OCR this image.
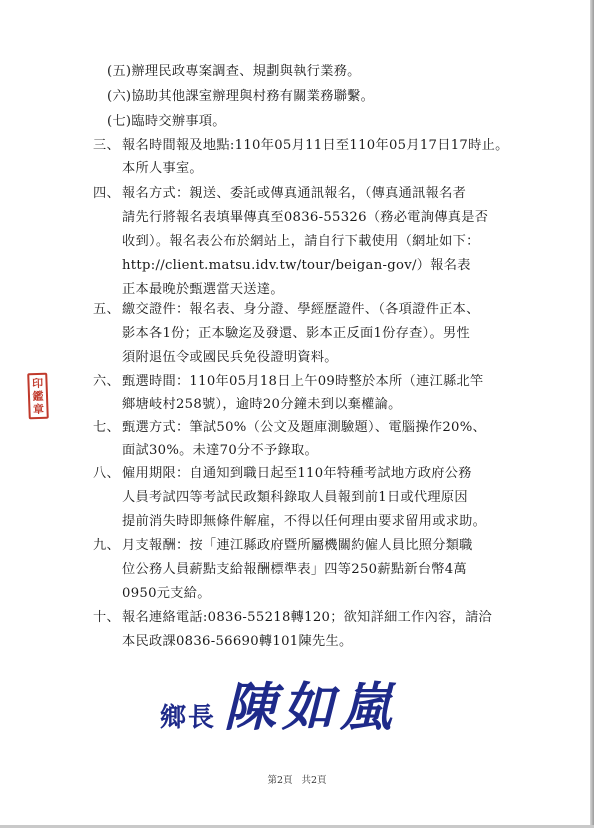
(五)辦理民政專案調查、規劃與執行業務。
(六)協助其他課室辦理與村務有關業務聯繫。
(七)臨時交辦事項。
三、 報名時間報及地點:110年05月11日至110年05月17日17時止。
本所人事室。
四、 報名方式：親送、委託或傳真通訊報名，（傳真通訊報名者
請先行將報名表填畢傳真至0836-55326（務必電詢傳真是否
收到）。報名表公布於網站上，請自行下載使用（網址如下：
http://client.matsu.idv.tw/tour/beigan-gov/）報名表
正本最晚於甄選當天送達。
五、 繳交證件：報名表、身分證、學經歷證件、（各項證件正本、
影本各1份；正本驗迄及發還、影本正反面1份存查）。男性
須附退伍令或國民兵免役證明資料。
六、 甄選時間：110年05月18日上午09時整於本所（連江縣北竿
鄉塘岐村258號），逾時20分鐘未到以棄權論。
七、 甄選方式：筆試50%（公文及題庫測驗題）、電腦操作20%、
面試30%。未達70分不予錄取。
八、 僱用期限：自通知到職日起至110年特種考試地方政府公務
人員考試四等考試民政類科錄取人員報到前1日或代理原因
提前消失時即無條件解雇，不得以任何理由要求留用或求助。
九、 月支報酬：按「連江縣政府暨所屬機關約僱人員比照分類職
位公務人員薪點支給報酬標準表」四等250薪點新台幣4萬
0950元支給。
十、 報名連絡電話:0836-55218轉120；欲知詳細工作內容，請洽
本民政課0836-56690轉101陳先生。
印
鑑
章
鄉長 陳如嵐
第2頁 共2頁
